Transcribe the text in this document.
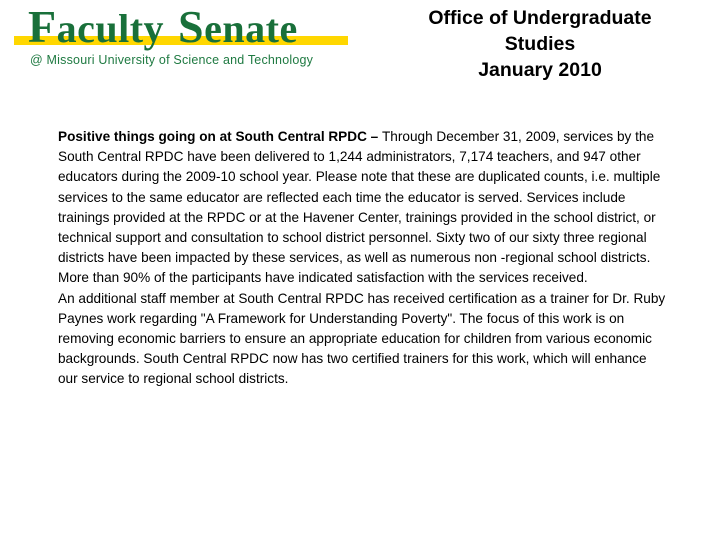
Faculty Senate
@ Missouri University of Science and Technology
Office of Undergraduate
Studies
January 2010

Positive things going on at South Central RPDC – Through December 31, 2009, services by the South Central RPDC have been delivered to 1,244 administrators, 7,174 teachers, and 947 other educators during the 2009-10 school year. Please note that these are duplicated counts, i.e. multiple services to the same educator are reflected each time the educator is served. Services include trainings provided at the RPDC or at the Havener Center, trainings provided in the school district, or technical support and consultation to school district personnel. Sixty two of our sixty three regional districts have been impacted by these services, as well as numerous non -regional school districts. More than 90% of the participants have indicated satisfaction with the services received.

An additional staff member at South Central RPDC has received certification as a trainer for Dr. Ruby Paynes work regarding "A Framework for Understanding Poverty". The focus of this work is on removing economic barriers to ensure an appropriate education for children from various economic backgrounds. South Central RPDC now has two certified trainers for this work, which will enhance our service to regional school districts.
